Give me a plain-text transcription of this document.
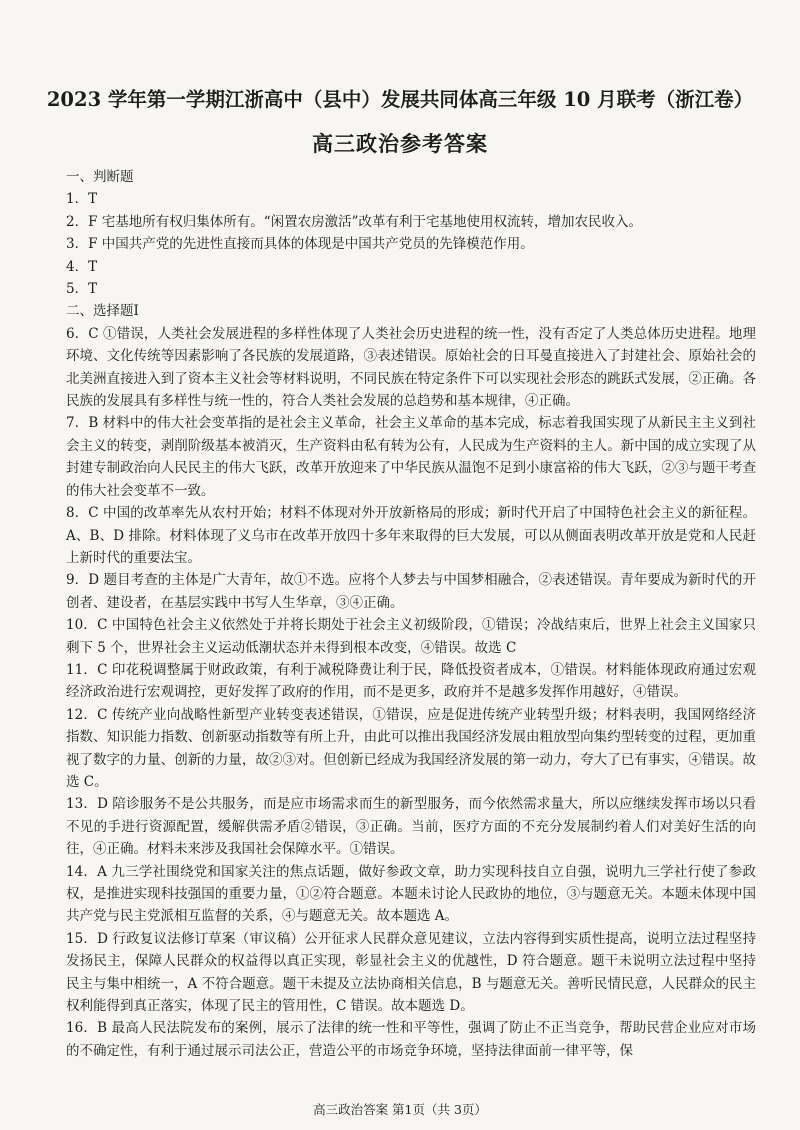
2023 学年第一学期江浙高中（县中）发展共同体高三年级 10 月联考（浙江卷）
高三政治参考答案

一、判断题

1．T

2．F 宅基地所有权归集体所有。“闲置农房激活”改革有利于宅基地使用权流转，增加农民收入。

3．F 中国共产党的先进性直接而具体的体现是中国共产党员的先锋模范作用。

4．T

5．T

二、选择题Ⅰ

6．C ①错误，人类社会发展进程的多样性体现了人类社会历史进程的统一性，没有否定了人类总体历史进程。地理环境、文化传统等因素影响了各民族的发展道路，③表述错误。原始社会的日耳曼直接进入了封建社会、原始社会的北美洲直接进入到了资本主义社会等材料说明，不同民族在特定条件下可以实现社会形态的跳跃式发展，②正确。各民族的发展具有多样性与统一性的，符合人类社会发展的总趋势和基本规律，④正确。

7．B 材料中的伟大社会变革指的是社会主义革命，社会主义革命的基本完成，标志着我国实现了从新民主主义到社会主义的转变，剥削阶级基本被消灭，生产资料由私有转为公有，人民成为生产资料的主人。新中国的成立实现了从封建专制政治向人民民主的伟大飞跃，改革开放迎来了中华民族从温饱不足到小康富裕的伟大飞跃，②③与题干考查的伟大社会变革不一致。

8．C 中国的改革率先从农村开始；材料不体现对外开放新格局的形成；新时代开启了中国特色社会主义的新征程。A、B、D 排除。材料体现了义乌市在改革开放四十多年来取得的巨大发展，可以从侧面表明改革开放是党和人民赶上新时代的重要法宝。

9．D 题目考查的主体是广大青年，故①不选。应将个人梦去与中国梦相融合，②表述错误。青年要成为新时代的开创者、建设者，在基层实践中书写人生华章，③④正确。

10．C 中国特色社会主义依然处于并将长期处于社会主义初级阶段，①错误；冷战结束后，世界上社会主义国家只剩下 5 个，世界社会主义运动低潮状态并未得到根本改变，④错误。故选 C

11．C 印花税调整属于财政政策，有利于减税降费让利于民，降低投资者成本，①错误。材料能体现政府通过宏观经济政治进行宏观调控，更好发挥了政府的作用，而不是更多，政府并不是越多发挥作用越好，④错误。

12．C 传统产业向战略性新型产业转变表述错误，①错误，应是促进传统产业转型升级；材料表明，我国网络经济指数、知识能力指数、创新驱动指数等有所上升，由此可以推出我国经济发展由粗放型向集约型转变的过程，更加重视了数字的力量、创新的力量，故②③对。但创新已经成为我国经济发展的第一动力，夸大了已有事实，④错误。故选 C。

13．D 陪诊服务不是公共服务，而是应市场需求而生的新型服务，而今依然需求量大，所以应继续发挥市场以只看不见的手进行资源配置，缓解供需矛盾②错误，③正确。当前，医疗方面的不充分发展制约着人们对美好生活的向往，④正确。材料未来涉及我国社会保障水平。①错误。

14．A 九三学社围绕党和国家关注的焦点话题，做好参政文章，助力实现科技自立自强，说明九三学社行使了参政权，是推进实现科技强国的重要力量，①②符合题意。本题未讨论人民政协的地位，③与题意无关。本题未体现中国共产党与民主党派相互监督的关系，④与题意无关。故本题选 A。

15．D 行政复议法修订草案（审议稿）公开征求人民群众意见建议，立法内容得到实质性提高，说明立法过程坚持发扬民主，保障人民群众的权益得以真正实现，彰显社会主义的优越性，D 符合题意。题干未说明立法过程中坚持民主与集中相统一，A 不符合题意。题干未提及立法协商相关信息，B 与题意无关。善听民情民意，人民群众的民主权利能得到真正落实，体现了民主的管用性，C 错误。故本题选 D。

16．B 最高人民法院发布的案例，展示了法律的统一性和平等性，强调了防止不正当竞争，帮助民营企业应对市场的不确定性，有利于通过展示司法公正，营造公平的市场竞争环境，坚持法律面前一律平等，保

高三政治答案 第1页（共 3页）
